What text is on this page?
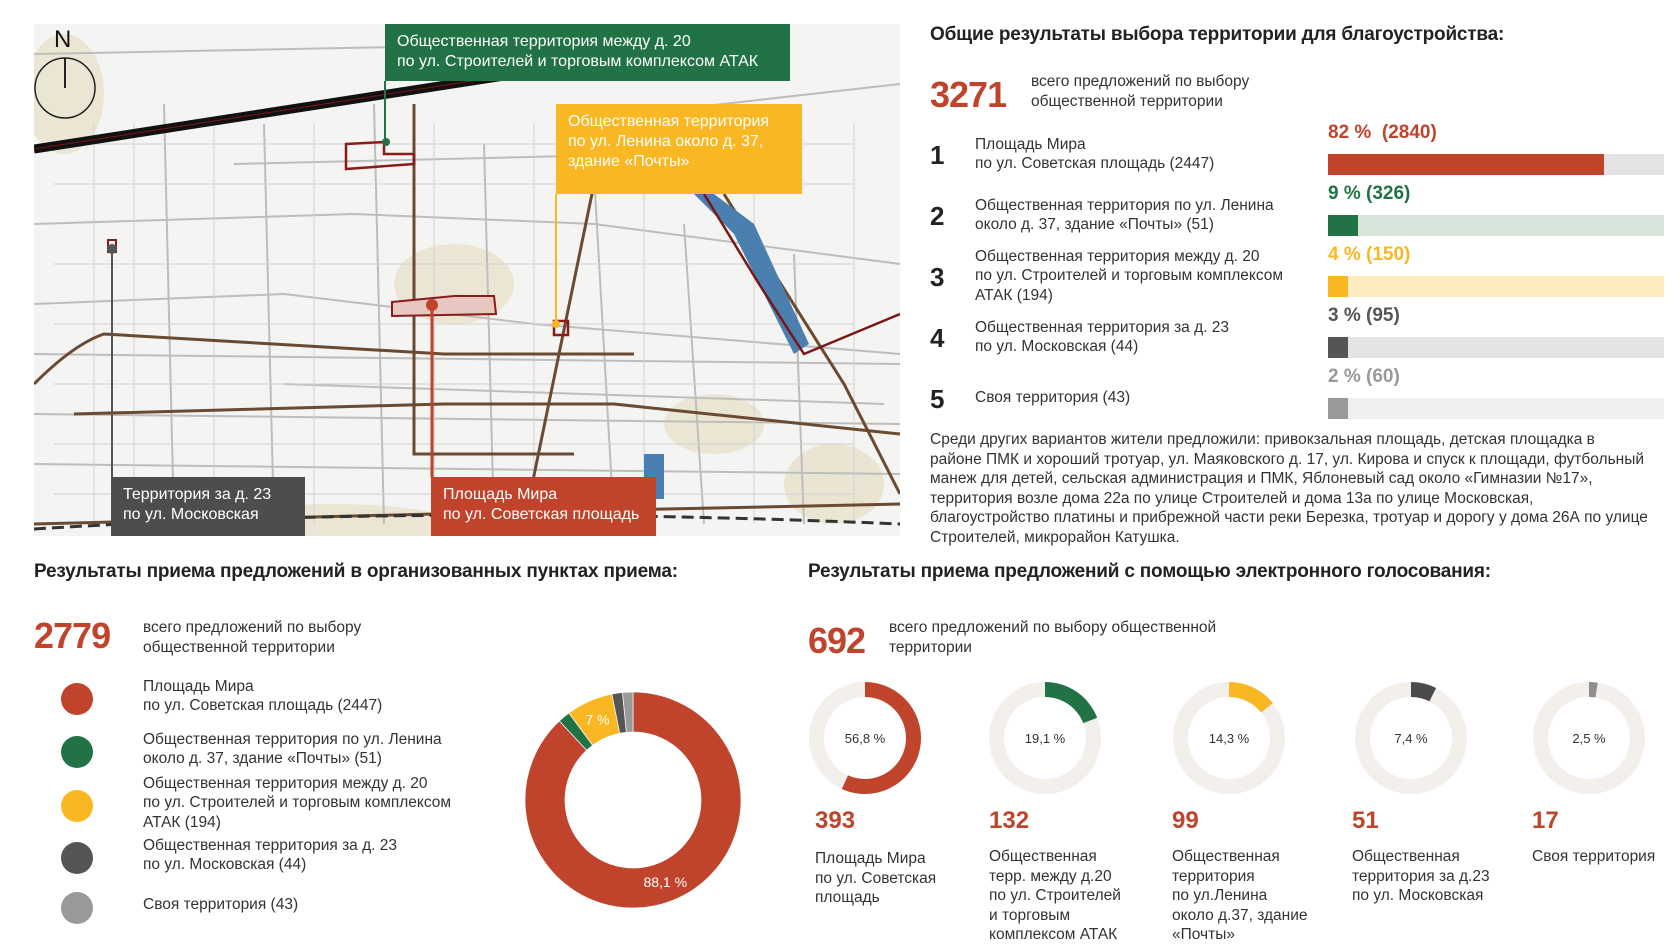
N	Общественная территория между д. 20
по ул. Строителей и торговым комплексом АТАК
Общественная территория
по ул. Ленина около д. 37,
здание «Почты»
Территория за д. 23
по ул. Московская
Площадь Мира
по ул. Советская площадь
Общие результаты выбора территории для благоустройства:
3271 всего предложений по выбору
общественной территории
1 Площадь Мира
по ул. Советская площадь (2447)
82 %  (2840)
2 Общественная территория по ул. Ленина
около д. 37, здание «Почты» (51)
9 % (326)
3
Общественная территория между д. 20
по ул. Строителей и торговым комплексом
АТАК (194)
4 % (150)
4 Общественная территория за д. 23
по ул. Московская (44)
3 % (95)
5 Своя территория (43)
2 % (60)
Среди других вариантов жители предложили: привокзальная площадь, детская площадка в районе ПМК и хороший тротуар, ул. Маяковского д. 17, ул. Кирова и спуск к площади, футбольный манеж для детей, сельская администрация и ПМК, Яблоневый сад около «Гимназии №17», территория возле дома 22а по улице Строителей и дома 13а по улице Московская, благоустройство платины и прибрежной части реки Березка, тротуар и дорогу у дома 26А по улице Строителей, микрорайон Катушка.
Результаты приема предложений в организованных пунктах приема:
2779 всего предложений по выбору
общественной территории
Площадь Мира
по ул. Советская площадь (2447)
Общественная территория по ул. Ленина
около д. 37, здание «Почты» (51)
Общественная территория между д. 20
по ул. Строителей и торговым комплексом
АТАК (194)
Общественная территория за д. 23
по ул. Московская (44)
Своя территория (43)
88,1 %
7 %
Результаты приема предложений с помощью электронного голосования:
692 всего предложений по выбору общественной
территории
56,8 %
393
Площадь Мира
по ул. Советская
площадь
19,1 %
132
Общественная
терр. между д.20
по ул. Строителей
и торговым
комплексом АТАК
14,3 %
99
Общественная
территория
по ул.Ленина
около д.37, здание
«Почты»
7,4 %
51
Общественная
территория за д.23
по ул. Московская
2,5 %
17
Своя территория
